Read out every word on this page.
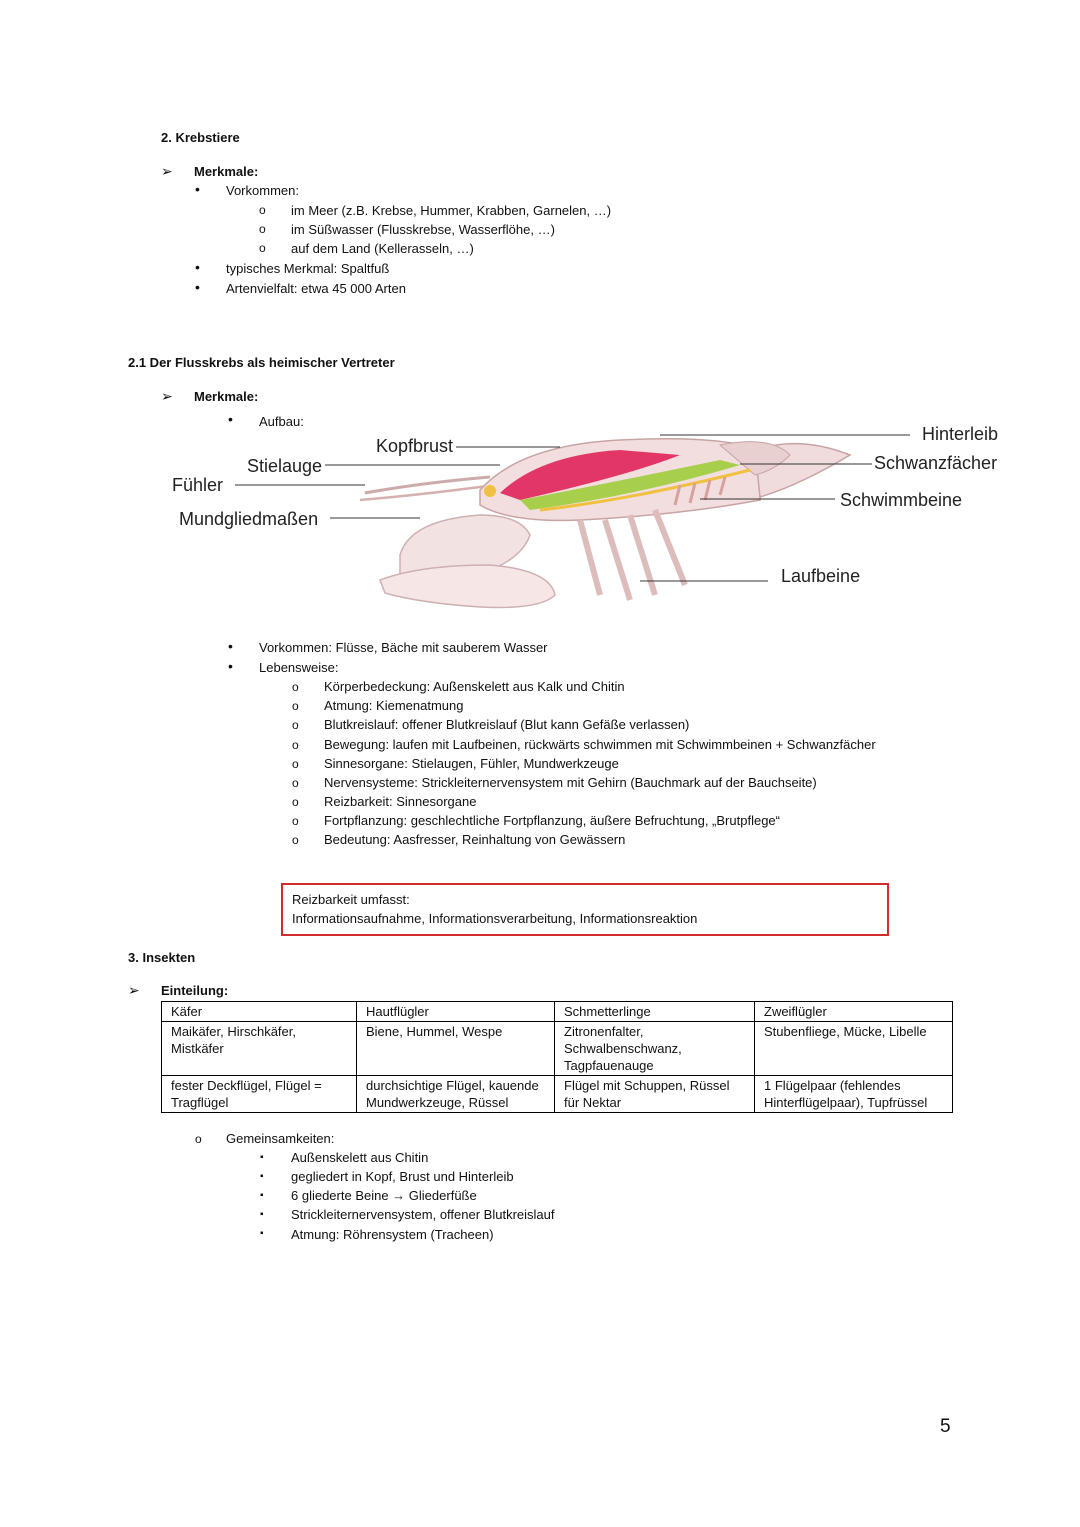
2. Krebstiere
➢ Merkmale:
• Vorkommen:
o im Meer (z.B. Krebse, Hummer, Krabben, Garnelen, …)
o im Süßwasser (Flusskrebse, Wasserflöhe, …)
o auf dem Land (Kellerasseln, …)
• typisches Merkmal: Spaltfuß
• Artenvielfalt: etwa 45 000 Arten
2.1 Der Flusskrebs als heimischer Vertreter
➢ Merkmale:
• Aufbau:
Kopfbrust
Stielauge
Fühler
Mundgliedmaßen
Hinterleib
Schwanzfächer
Schwimmbeine
Laufbeine
• Vorkommen: Flüsse, Bäche mit sauberem Wasser
• Lebensweise:
o Körperbedeckung: Außenskelett aus Kalk und Chitin
o Atmung: Kiemenatmung
o Blutkreislauf: offener Blutkreislauf (Blut kann Gefäße verlassen)
o Bewegung: laufen mit Laufbeinen, rückwärts schwimmen mit Schwimmbeinen + Schwanzfächer
o Sinnesorgane: Stielaugen, Fühler, Mundwerkzeuge
o Nervensysteme: Strickleiternervensystem mit Gehirn (Bauchmark auf der Bauchseite)
o Reizbarkeit: Sinnesorgane
o Fortpflanzung: geschlechtliche Fortpflanzung, äußere Befruchtung, „Brutpflege“
o Bedeutung: Aasfresser, Reinhaltung von Gewässern
Reizbarkeit umfasst:
Informationsaufnahme, Informationsverarbeitung, Informationsreaktion
3. Insekten
➢ Einteilung:
Käfer	Hautflügler	Schmetterlinge	Zweiflügler
Maikäfer, Hirschkäfer, Mistkäfer	Biene, Hummel, Wespe	Zitronenfalter, Schwalbenschwanz, Tagpfauenauge	Stubenfliege, Mücke, Libelle
fester Deckflügel, Flügel = Tragflügel	durchsichtige Flügel, kauende Mundwerkzeuge, Rüssel	Flügel mit Schuppen, Rüssel für Nektar	1 Flügelpaar (fehlendes Hinterflügelpaar), Tupfrüssel
o Gemeinsamkeiten:
▪ Außenskelett aus Chitin
▪ gegliedert in Kopf, Brust und Hinterleib
▪ 6 gliederte Beine → Gliederfüße
▪ Strickleiternervensystem, offener Blutkreislauf
▪ Atmung: Röhrensystem (Tracheen)
5
